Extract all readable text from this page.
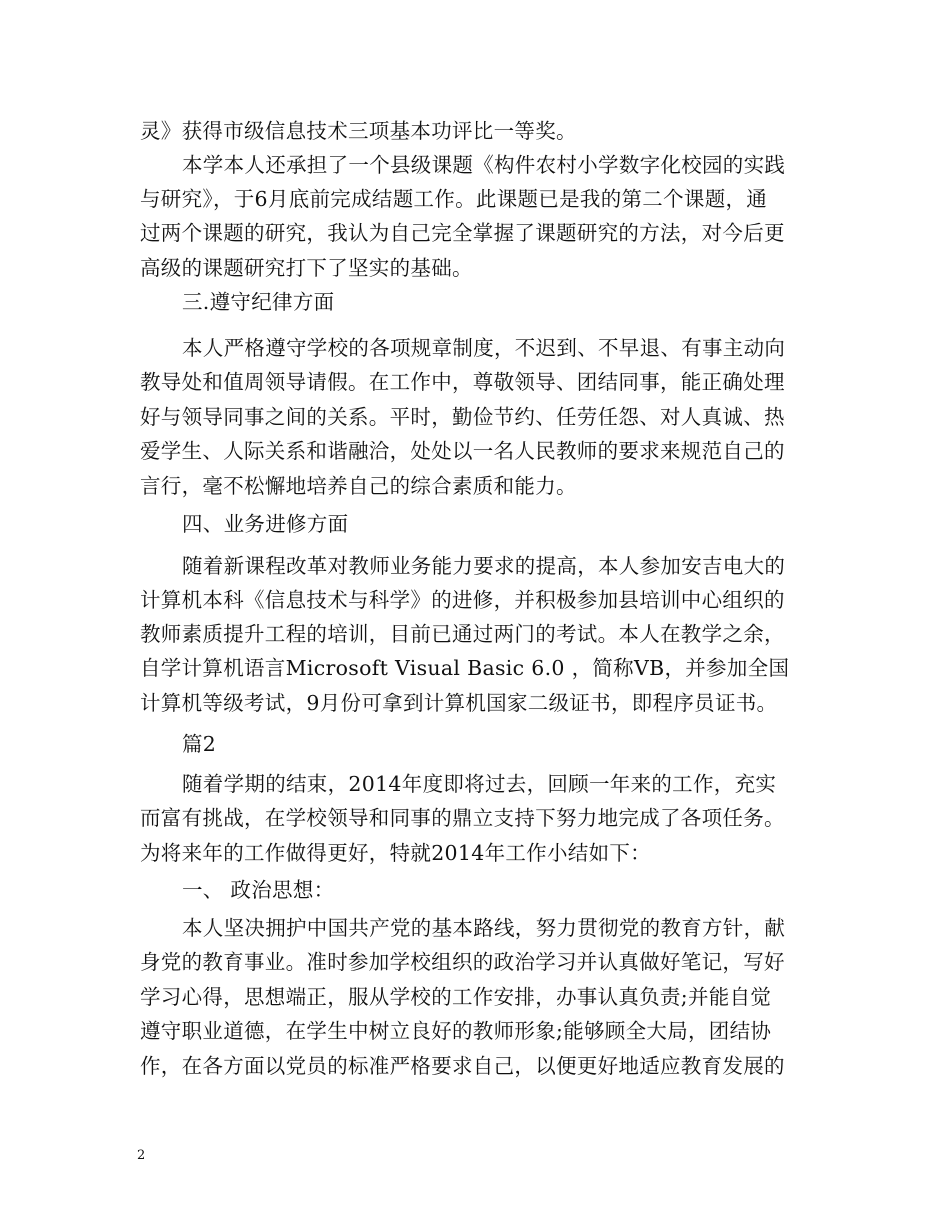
灵》获得市级信息技术三项基本功评比一等奖。
本学本人还承担了一个县级课题《构件农村小学数字化校园的实践
与研究》，于6月底前完成结题工作。此课题已是我的第二个课题，通
过两个课题的研究，我认为自己完全掌握了课题研究的方法，对今后更
高级的课题研究打下了坚实的基础。
三.遵守纪律方面
本人严格遵守学校的各项规章制度，不迟到、不早退、有事主动向
教导处和值周领导请假。在工作中，尊敬领导、团结同事，能正确处理
好与领导同事之间的关系。平时，勤俭节约、任劳任怨、对人真诚、热
爱学生、人际关系和谐融洽，处处以一名人民教师的要求来规范自己的
言行，毫不松懈地培养自己的综合素质和能力。
四、业务进修方面
随着新课程改革对教师业务能力要求的提高，本人参加安吉电大的
计算机本科《信息技术与科学》的进修，并积极参加县培训中心组织的
教师素质提升工程的培训，目前已通过两门的考试。本人在教学之余，
自学计算机语言Microsoft Visual Basic 6.0 ，简称VB，并参加全国
计算机等级考试，9月份可拿到计算机国家二级证书，即程序员证书。
篇2
随着学期的结束，2014年度即将过去，回顾一年来的工作，充实
而富有挑战，在学校领导和同事的鼎立支持下努力地完成了各项任务。
为将来年的工作做得更好，特就2014年工作小结如下：
一、 政治思想：
本人坚决拥护中国共产党的基本路线，努力贯彻党的教育方针，献
身党的教育事业。准时参加学校组织的政治学习并认真做好笔记，写好
学习心得，思想端正，服从学校的工作安排，办事认真负责;并能自觉
遵守职业道德，在学生中树立良好的教师形象;能够顾全大局，团结协
作，在各方面以党员的标准严格要求自己，以便更好地适应教育发展的
2
